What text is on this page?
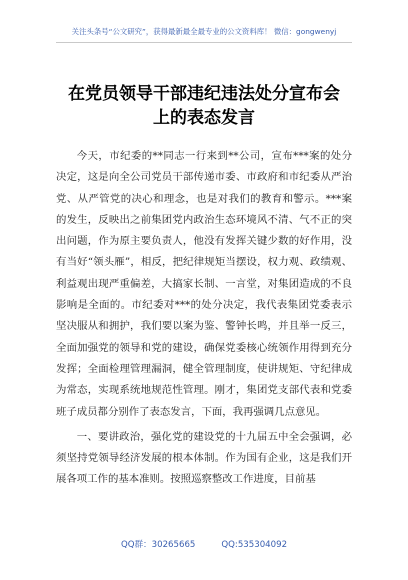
关注头条号“公文研究”，获得最新最全最专业的公文资料库！ 微信：gongwenyj
在党员领导干部违纪违法处分宣布会
上的表态发言

今天，市纪委的**同志一行来到**公司，宣布***案的处分决定，这是向全公司党员干部传递市委、市政府和市纪委从严治党、从严管党的决心和理念，也是对我们的教育和警示。***案的发生，反映出之前集团党内政治生态环境风不清、气不正的突出问题，作为原主要负责人，他没有发挥关键少数的好作用，没有当好“领头雁”，相反，把纪律规矩当摆设，权力观、政绩观、利益观出现严重偏差，大搞家长制、一言堂，对集团造成的不良影响是全面的。市纪委对***的处分决定，我代表集团党委表示坚决服从和拥护，我们要以案为鉴、警钟长鸣，并且举一反三，全面加强党的领导和党的建设，确保党委核心统领作用得到充分发挥；全面检理管理漏洞，健全管理制度，使讲规矩、守纪律成为常态，实现系统地规范性管理。刚才，集团党支部代表和党委班子成员都分别作了表态发言，下面，我再强调几点意见。

一、要讲政治，强化党的建设党的十九届五中全会强调，必须坚持党领导经济发展的根本体制。作为国有企业，这是我们开展各项工作的基本准则。按照巡察整改工作进度，目前基

QQ群：30265665	QQ:535304092
